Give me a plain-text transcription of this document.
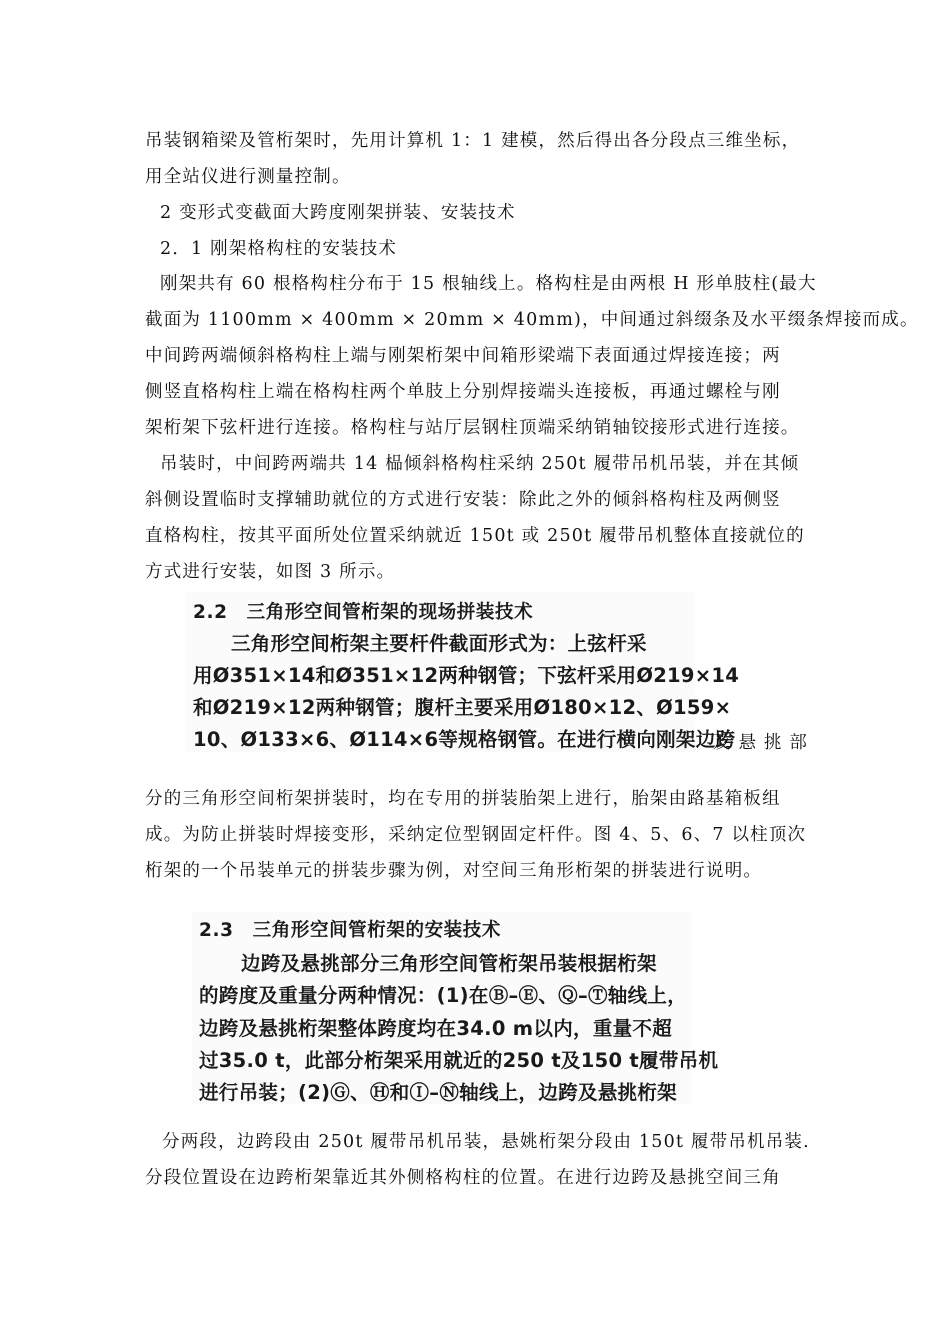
吊装钢箱梁及管桁架时，先用计算机 1：1 建模，然后得出各分段点三维坐标，
用全站仪进行测量控制。
2 变形式变截面大跨度刚架拼装、安装技术
2．1 刚架格构柱的安装技术
刚架共有 60 根格构柱分布于 15 根轴线上。格构柱是由两根 H 形单肢柱(最大
截面为 1100mm × 400mm × 20mm × 40mm)，中间通过斜缀条及水平缀条焊接而成。
中间跨两端倾斜格构柱上端与刚架桁架中间箱形梁端下表面通过焊接连接；两
侧竖直格构柱上端在格构柱两个单肢上分别焊接端头连接板，再通过螺栓与刚
架桁架下弦杆进行连接。格构柱与站厅层钢柱顶端采纳销轴铰接形式进行连接。
吊装时，中间跨两端共 14 榀倾斜格构柱采纳 250t 履带吊机吊装，并在其倾
斜侧设置临时支撑辅助就位的方式进行安装：除此之外的倾斜格构柱及两侧竖
直格构柱，按其平面所处位置采纳就近 150t 或 250t 履带吊机整体直接就位的
方式进行安装，如图 3 所示。
2.2　三角形空间管桁架的现场拼装技术
三角形空间桁架主要杆件截面形式为：上弦杆采
用Ø351×14和Ø351×12两种钢管；下弦杆采用Ø219×14
和Ø219×12两种钢管；腹杆主要采用Ø180×12、Ø159×
10、Ø133×6、Ø114×6等规格钢管。在进行横向刚架边跨
及 悬 挑 部
分的三角形空间桁架拼装时，均在专用的拼装胎架上进行，胎架由路基箱板组
成。为防止拼装时焊接变形，采纳定位型钢固定杆件。图 4、5、6、7 以柱顶次
桁架的一个吊装单元的拼装步骤为例，对空间三角形桁架的拼装进行说明。
2.3　三角形空间管桁架的安装技术
边跨及悬挑部分三角形空间管桁架吊装根据桁架
的跨度及重量分两种情况：(1)在Ⓑ–Ⓔ、Ⓠ–Ⓣ轴线上，
边跨及悬挑桁架整体跨度均在34.0 m以内，重量不超
过35.0 t，此部分桁架采用就近的250 t及150 t履带吊机
进行吊装；(2)Ⓖ、Ⓗ和Ⓘ–Ⓝ轴线上，边跨及悬挑桁架
分两段，边跨段由 250t 履带吊机吊装，悬姚桁架分段由 150t 履带吊机吊装.
分段位置设在边跨桁架靠近其外侧格构柱的位置。在进行边跨及悬挑空间三角
